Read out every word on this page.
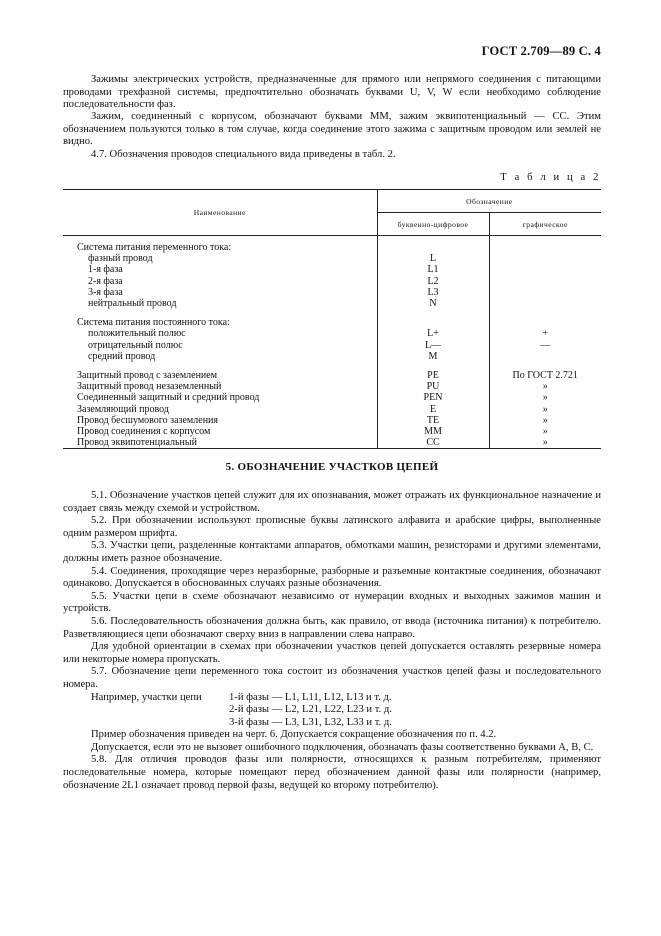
ГОСТ 2.709—89 С. 4

Зажимы электрических устройств, предназначенные для прямого или непрямого соединения с питающими проводами трехфазной системы, предпочтительно обозначать буквами U, V, W если необходимо соблюдение последовательности фаз.

Зажим, соединенный с корпусом, обозначают буквами MM, зажим эквипотенциальный — CC. Этим обозначением пользуются только в том случае, когда соединение этого зажима с защитным проводом или землей не видно.

4.7. Обозначения проводов специального вида приведены в табл. 2.

Т а б л и ц а 2
Наименование	Обозначение	
	буквенно-цифровое	графическое
Система питания переменного тока:		
фазный провод	L	
1-я фаза	L1	
2-я фаза	L2	
3-я фаза	L3	
нейтральный провод	N	
Система питания постоянного тока:		
положительный полюс	L+	+
отрицательный полюс	L—	—
средний провод	M	
Защитный провод с заземлением	PE	По ГОСТ 2.721
Защитный провод незаземленный	PU	»
Соединенный защитный и средний провод	PEN	»
Заземляющий провод	E	»
Провод бесшумового заземления	TE	»
Провод соединения с корпусом	MM	»
Провод эквипотенциальный	CC	»
5. ОБОЗНАЧЕНИЕ УЧАСТКОВ ЦЕПЕЙ

5.1. Обозначение участков цепей служит для их опознавания, может отражать их функциональное назначение и создает связь между схемой и устройством.

5.2. При обозначении используют прописные буквы латинского алфавита и арабские цифры, выполненные одним размером шрифта.

5.3. Участки цепи, разделенные контактами аппаратов, обмотками машин, резисторами и другими элементами, должны иметь разное обозначение.

5.4. Соединения, проходящие через неразборные, разборные и разъемные контактные соединения, обозначают одинаково. Допускается в обоснованных случаях разные обозначения.

5.5. Участки цепи в схеме обозначают независимо от нумерации входных и выходных зажимов машин и устройств.

5.6. Последовательность обозначения должна быть, как правило, от ввода (источника питания) к потребителю. Разветвляющиеся цепи обозначают сверху вниз в направлении слева направо.

Для удобной ориентации в схемах при обозначении участков цепей допускается оставлять резервные номера или некоторые номера пропускать.

5.7. Обозначение цепи переменного тока состоит из обозначения участков цепей фазы и последовательного номера.

Например, участки цепи	1-й фазы — L1, L11, L12, L13 и т. д.

2-й фазы — L2, L21, L22, L23 и т. д.

3-й фазы — L3, L31, L32, L33 и т. д.

Пример обозначения приведен на черт. 6. Допускается сокращение обозначения по п. 4.2.

Допускается, если это не вызовет ошибочного подключения, обозначать фазы соответственно буквами A, B, C.

5.8. Для отличия проводов фазы или полярности, относящихся к разным потребителям, применяют последовательные номера, которые помещают перед обозначением данной фазы или полярности (например, обозначение 2L1 означает провод первой фазы, ведущей ко второму потребителю).
